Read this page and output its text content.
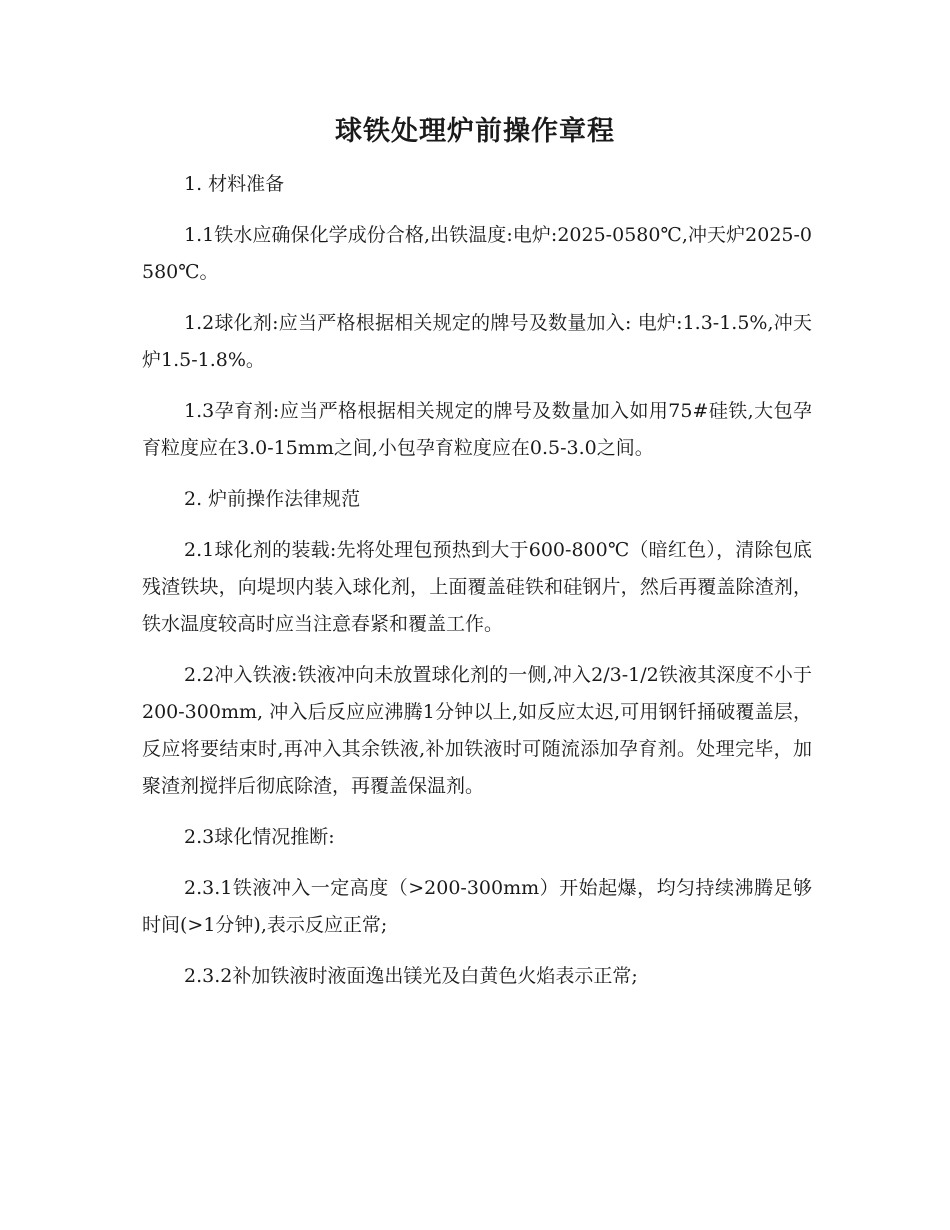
球铁处理炉前操作章程

1. 材料准备

1.1铁水应确保化学成份合格,出铁温度:电炉:2025-0580℃,冲天炉2025-0580℃。

1.2球化剂:应当严格根据相关规定的牌号及数量加入: 电炉:1.3-1.5%,冲天炉1.5-1.8%。

1.3孕育剂:应当严格根据相关规定的牌号及数量加入如用75#硅铁,大包孕育粒度应在3.0-15mm之间,小包孕育粒度应在0.5-3.0之间。

2. 炉前操作法律规范

2.1球化剂的装载:先将处理包预热到大于600-800℃（暗红色），清除包底残渣铁块，向堤坝内装入球化剂，上面覆盖硅铁和硅钢片，然后再覆盖除渣剂，铁水温度较高时应当注意春紧和覆盖工作。

2.2冲入铁液:铁液冲向未放置球化剂的一侧,冲入2/3-1/2铁液其深度不小于200-300mm, 冲入后反应应沸腾1分钟以上,如反应太迟,可用钢钎捅破覆盖层，反应将要结束时,再冲入其余铁液,补加铁液时可随流添加孕育剂。处理完毕，加聚渣剂搅拌后彻底除渣，再覆盖保温剂。

2.3球化情况推断:

2.3.1铁液冲入一定高度（>200-300mm）开始起爆，均匀持续沸腾足够时间(>1分钟),表示反应正常;

2.3.2补加铁液时液面逸出镁光及白黄色火焰表示正常;
